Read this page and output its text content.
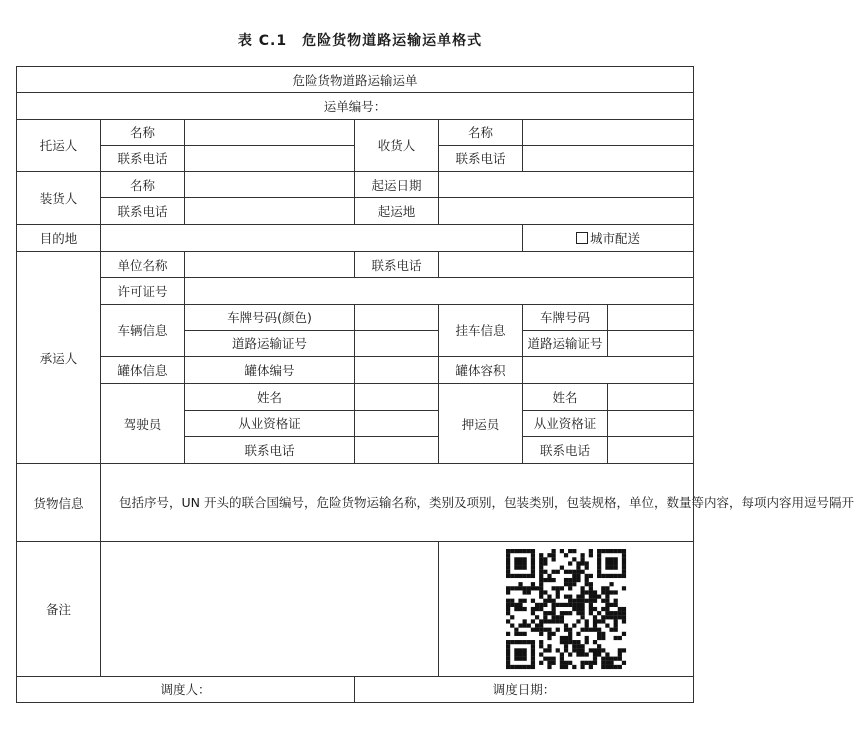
表 C.1　危险货物道路运输运单格式
危险货物道路运输运单						
运单编号：						
托运人	名称		收货人	名称		
	联系电话			联系电话		
装货人	名称		起运日期			
	联系电话		起运地			
目的地					城市配送	
承运人	单位名称		联系电话			
	许可证号					
	车辆信息	车牌号码(颜色)		挂车信息	车牌号码	
		道路运输证号			道路运输证号	
	罐体信息	罐体编号		罐体容积		
	驾驶员	姓名		押运员	姓名	
		从业资格证			从业资格证	
		联系电话			联系电话	
货物信息	包括序号，UN 开头的联合国编号，危险货物运输名称，类别及项别，包装类别，包装规格，单位，数量等内容，每项内容用逗号隔开					
备注		

调度人：			调度日期：			
